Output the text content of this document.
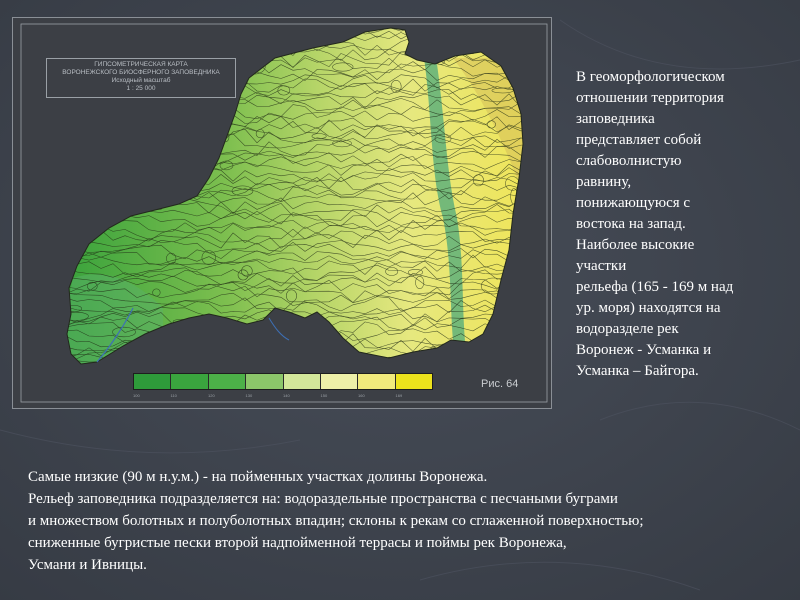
ГИПСОМЕТРИЧЕСКАЯ КАРТА
ВОРОНЕЖСКОГО БИОСФЕРНОГО ЗАПОВЕДНИКА
Исходный масштаб
1 : 25 000
100	110	120	130	140	150	160	169
Рис. 64
В геоморфологическом
отношении территория
заповедника
представляет собой
слабоволнистую
равнину,
понижающуюся с
востока на запад.
Наиболее высокие
участки
рельефа (165 - 169 м над
ур. моря) находятся на
водоразделе рек
Воронеж - Усманка и
Усманка – Байгора.
Самые низкие (90 м н.у.м.) - на пойменных участках долины Воронежа.
Рельеф заповедника подразделяется на: водораздельные пространства с песчаными буграми
и множеством болотных и полуболотных впадин; склоны к рекам со сглаженной поверхностью;
сниженные бугристые пески второй надпойменной террасы и поймы рек Воронежа,
Усмани и Ивницы.
